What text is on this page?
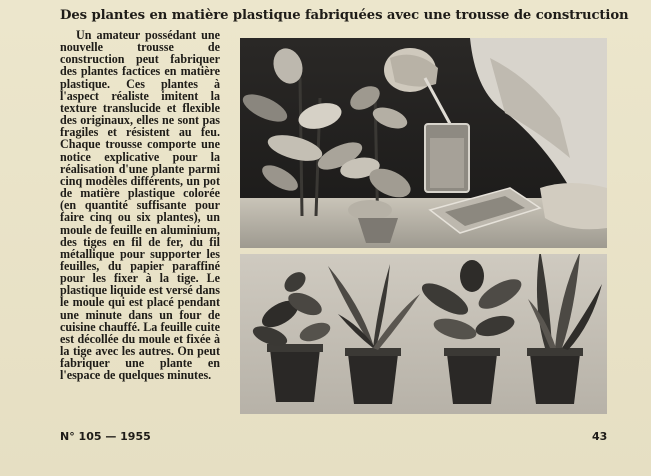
Des plantes en matière plastique fabriquées avec une trousse de construction
Un amateur possédant une nouvelle trousse de construction peut fabriquer des plantes factices en matière plastique. Ces plantes à l'aspect réaliste imitent la texture translucide et flexible des originaux, elles ne sont pas fragiles et résistent au feu. Chaque trousse comporte une notice explicative pour la réalisation d'une plante parmi cinq modèles différents, un pot de matière plastique colorée (en quantité suffisante pour faire cinq ou six plantes), un moule de feuille en aluminium, des tiges en fil de fer, du fil métallique pour supporter les feuilles, du papier paraffiné pour les fixer à la tige. Le plastique liquide est versé dans le moule qui est placé pendant une minute dans un four de cuisine chauffé. La feuille cuite est décollée du moule et fixée à la tige avec les autres. On peut fabriquer une plante en l'espace de quelques minutes.
N° 105 — 1955	43
